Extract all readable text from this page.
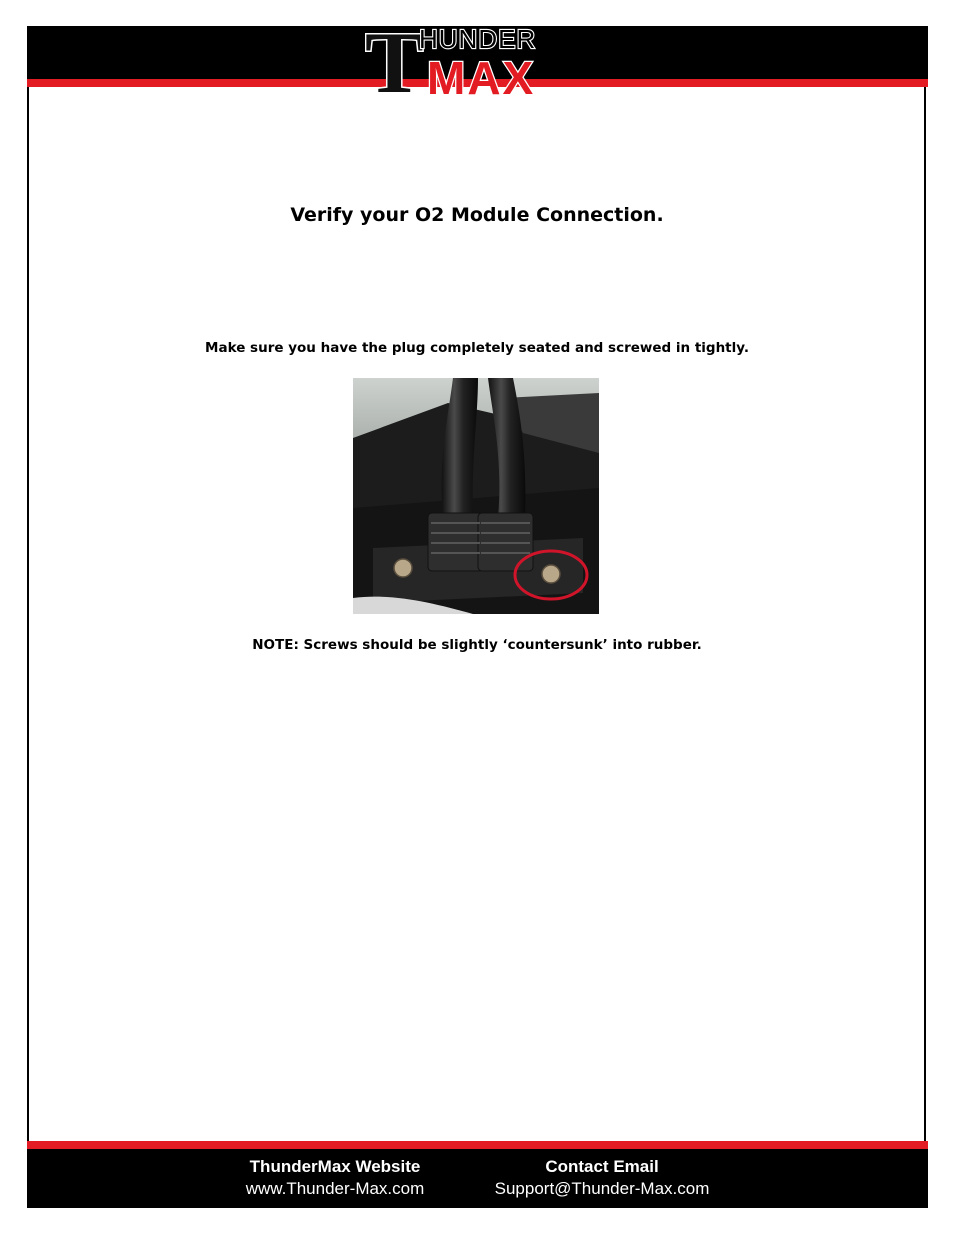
T
HUNDER
MAX
Verify your O2 Module Connection.
Make sure you have the plug completely seated and screwed in tightly.
NOTE: Screws should be slightly ‘countersunk’ into rubber.
ThunderMax Website
www.Thunder-Max.com
Contact Email
Support@Thunder-Max.com
